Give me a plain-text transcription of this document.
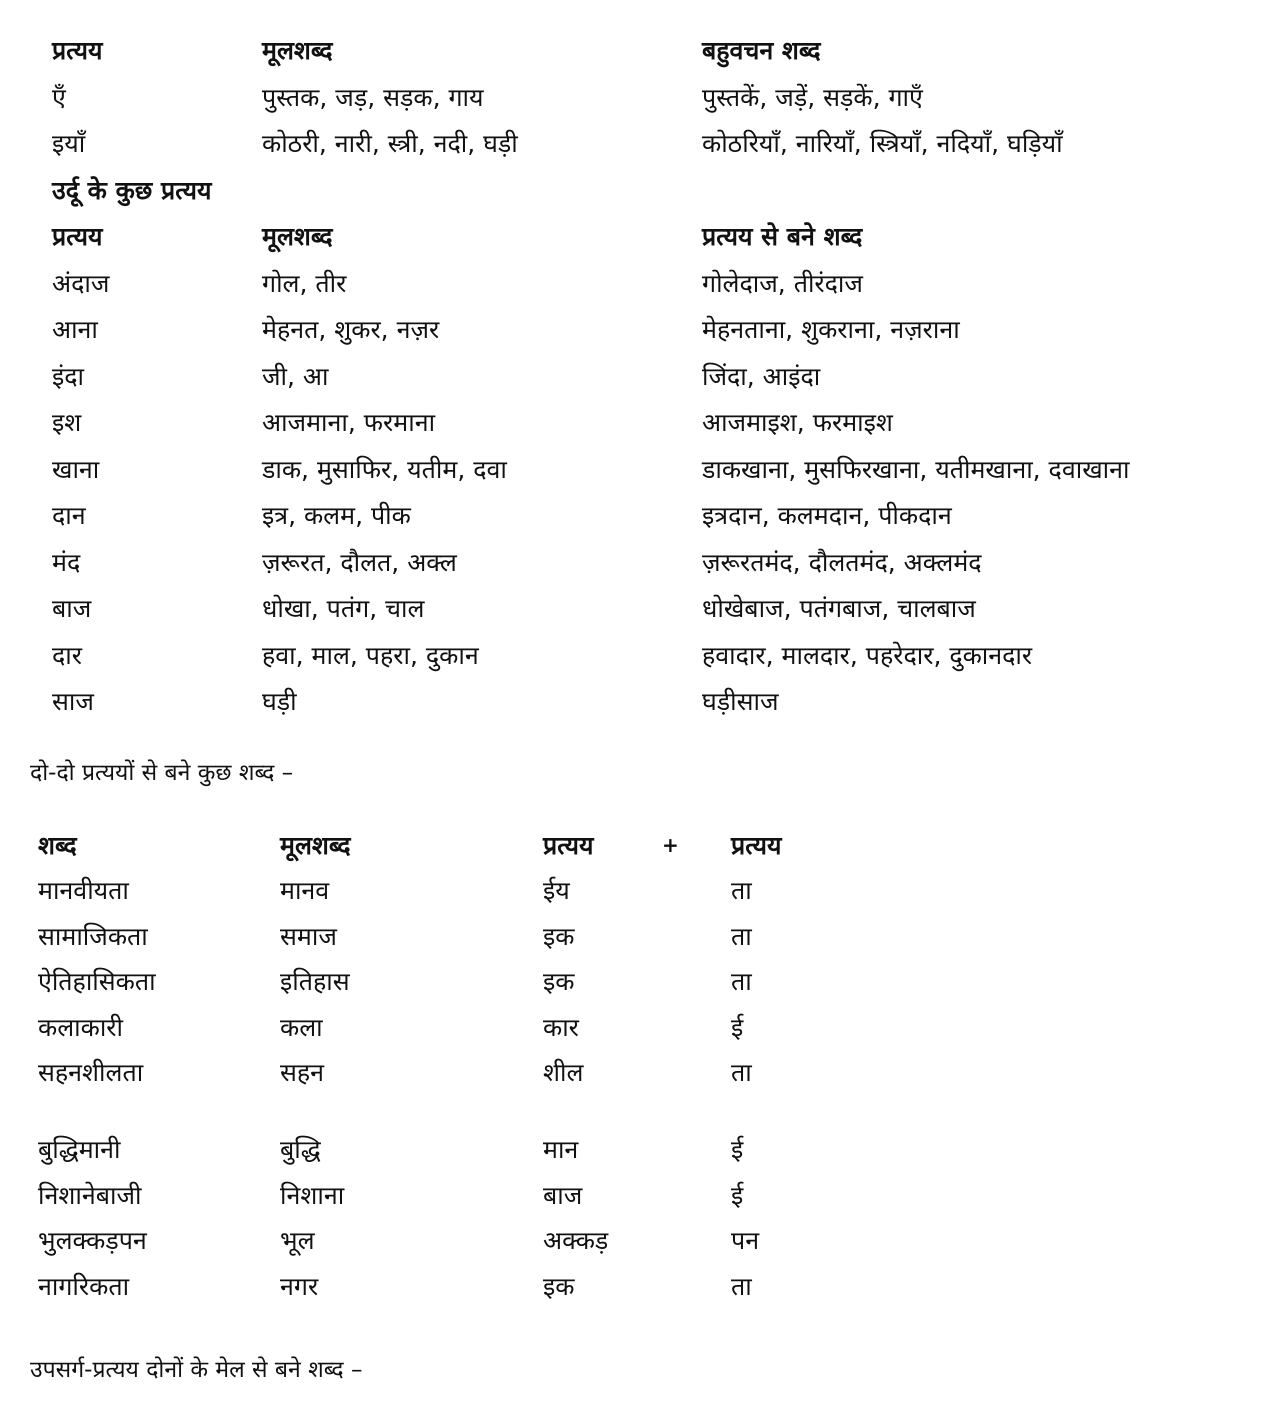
प्रत्यय	मूलशब्द	बहुवचन शब्द
एँ	पुस्तक, जड़, सड़क, गाय	पुस्तकें, जड़ें, सड़कें, गाएँ
इयाँ	कोठरी, नारी, स्त्री, नदी, घड़ी	कोठरियाँ, नारियाँ, स्त्रियाँ, नदियाँ, घड़ियाँ
उर्दू के कुछ प्रत्यय
प्रत्यय	मूलशब्द	प्रत्यय से बने शब्द
अंदाज	गोल, तीर	गोलेदाज, तीरंदाज
आना	मेहनत, शुकर, नज़र	मेहनताना, शुकराना, नज़राना
इंदा	जी, आ	जिंदा, आइंदा
इश	आजमाना, फरमाना	आजमाइश, फरमाइश
खाना	डाक, मुसाफिर, यतीम, दवा	डाकखाना, मुसफिरखाना, यतीमखाना, दवाखाना
दान	इत्र, कलम, पीक	इत्रदान, कलमदान, पीकदान
मंद	ज़रूरत, दौलत, अक्ल	ज़रूरतमंद, दौलतमंद, अक्लमंद
बाज	धोखा, पतंग, चाल	धोखेबाज, पतंगबाज, चालबाज
दार	हवा, माल, पहरा, दुकान	हवादार, मालदार, पहरेदार, दुकानदार
साज	घड़ी	घड़ीसाज
दो-दो प्रत्ययों से बने कुछ शब्द –
शब्द	मूलशब्द	प्रत्यय	+ प्रत्यय
मानवीयता	मानव	ईय	ता
सामाजिकता	समाज	इक	ता
ऐतिहासिकता	इतिहास	इक	ता
कलाकारी	कला	कार	ई
सहनशीलता	सहन	शील	ता
बुद्धिमानी	बुद्धि	मान	ई
निशानेबाजी	निशाना	बाज	ई
भुलक्कड़पन	भूल	अक्कड़	पन
नागरिकता	नगर	इक	ता
उपसर्ग-प्रत्यय दोनों के मेल से बने शब्द –
